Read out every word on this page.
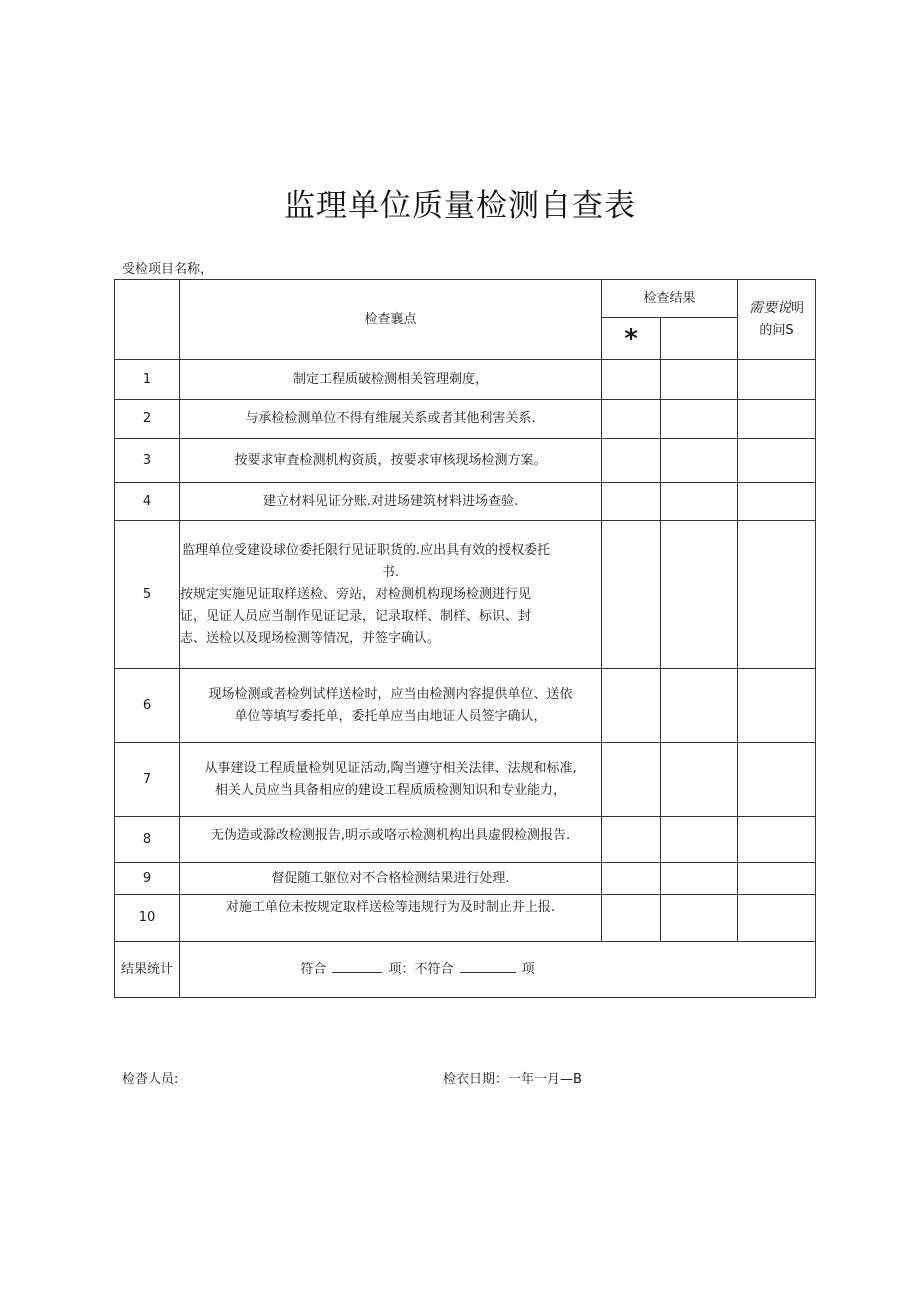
监理单位质量检测自查表
受检项目名称，
	检查襄点	检查结果		需要说明
的问S
		*		
1	制定工程质破检测相关管理剃度，			

2	与承检检测单位不得有维展关系或者其他利害关系.			

3	按要求审査检测机构资质，按要求审核现场检测方案。			

4	建立材料见证分账.对进场建筑材料进场查验.			

5	监理单位受建设球位委托限行见证职货的.应出具有效的授权委托
书.
按规定实施见证取样送检、旁站，对检测机构现场检测进行见
证，见证人员应当制作见证记录，记录取样、制样、标识、封
志、送检以及现场检测等情况，并签字确认。			

6	现场检测或者检刿试样送检时，应当由检测内容提供单位、送依
单位等填写委托单，委托单应当由地证人员签字确认，			

7	从事建设工程质量检刿见证活动,陶当遵守相关法律、法规和标准,
相关人员应当具备相应的建设工程质质检测知识和专业能力，			

8	无伪造或滁改检测报告,明示或咯示检测机构出具虚假检测报告.			

9	督促随工躯位对不合格检测结果进行处理.			

10	对施工单位未按规定取样送检等违规行为及时制止并上报.			

结果统计	符合 项：不符合 项			
检沓人员:	检衣日期：一年一月—B
